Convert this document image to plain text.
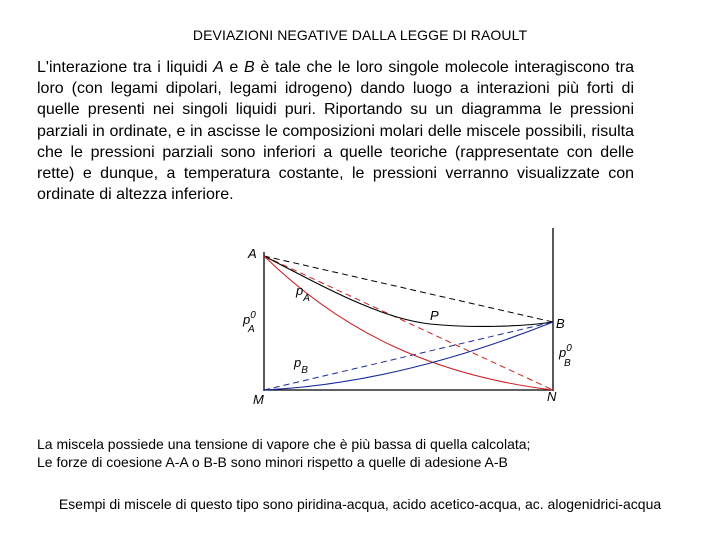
DEVIAZIONI NEGATIVE DALLA LEGGE DI RAOULT

L'interazione tra i liquidi A e B è tale che le loro singole molecole interagiscono tra loro (con legami dipolari, legami idrogeno) dando luogo a interazioni più forti di quelle presenti nei singoli liquidi puri. Riportando su un diagramma le pressioni parziali in ordinate, e in ascisse le composizioni molari delle miscele possibili, risulta che le pressioni parziali sono inferiori a quelle teoriche (rappresentate con delle rette) e dunque, a temperatura costante, le pressioni verranno visualizzate con ordinate di altezza inferiore.

A
B
M	N
P
$p_A$
$p_B$
$p^0$
A
$p^0$
B
La miscela possiede una tensione di vapore che è più bassa di quella calcolata;
Le forze di coesione A-A o B-B sono minori rispetto a quelle di adesione A-B
Esempi di miscele di questo tipo sono piridina-acqua, acido acetico-acqua, ac. alogenidrici-acqua
